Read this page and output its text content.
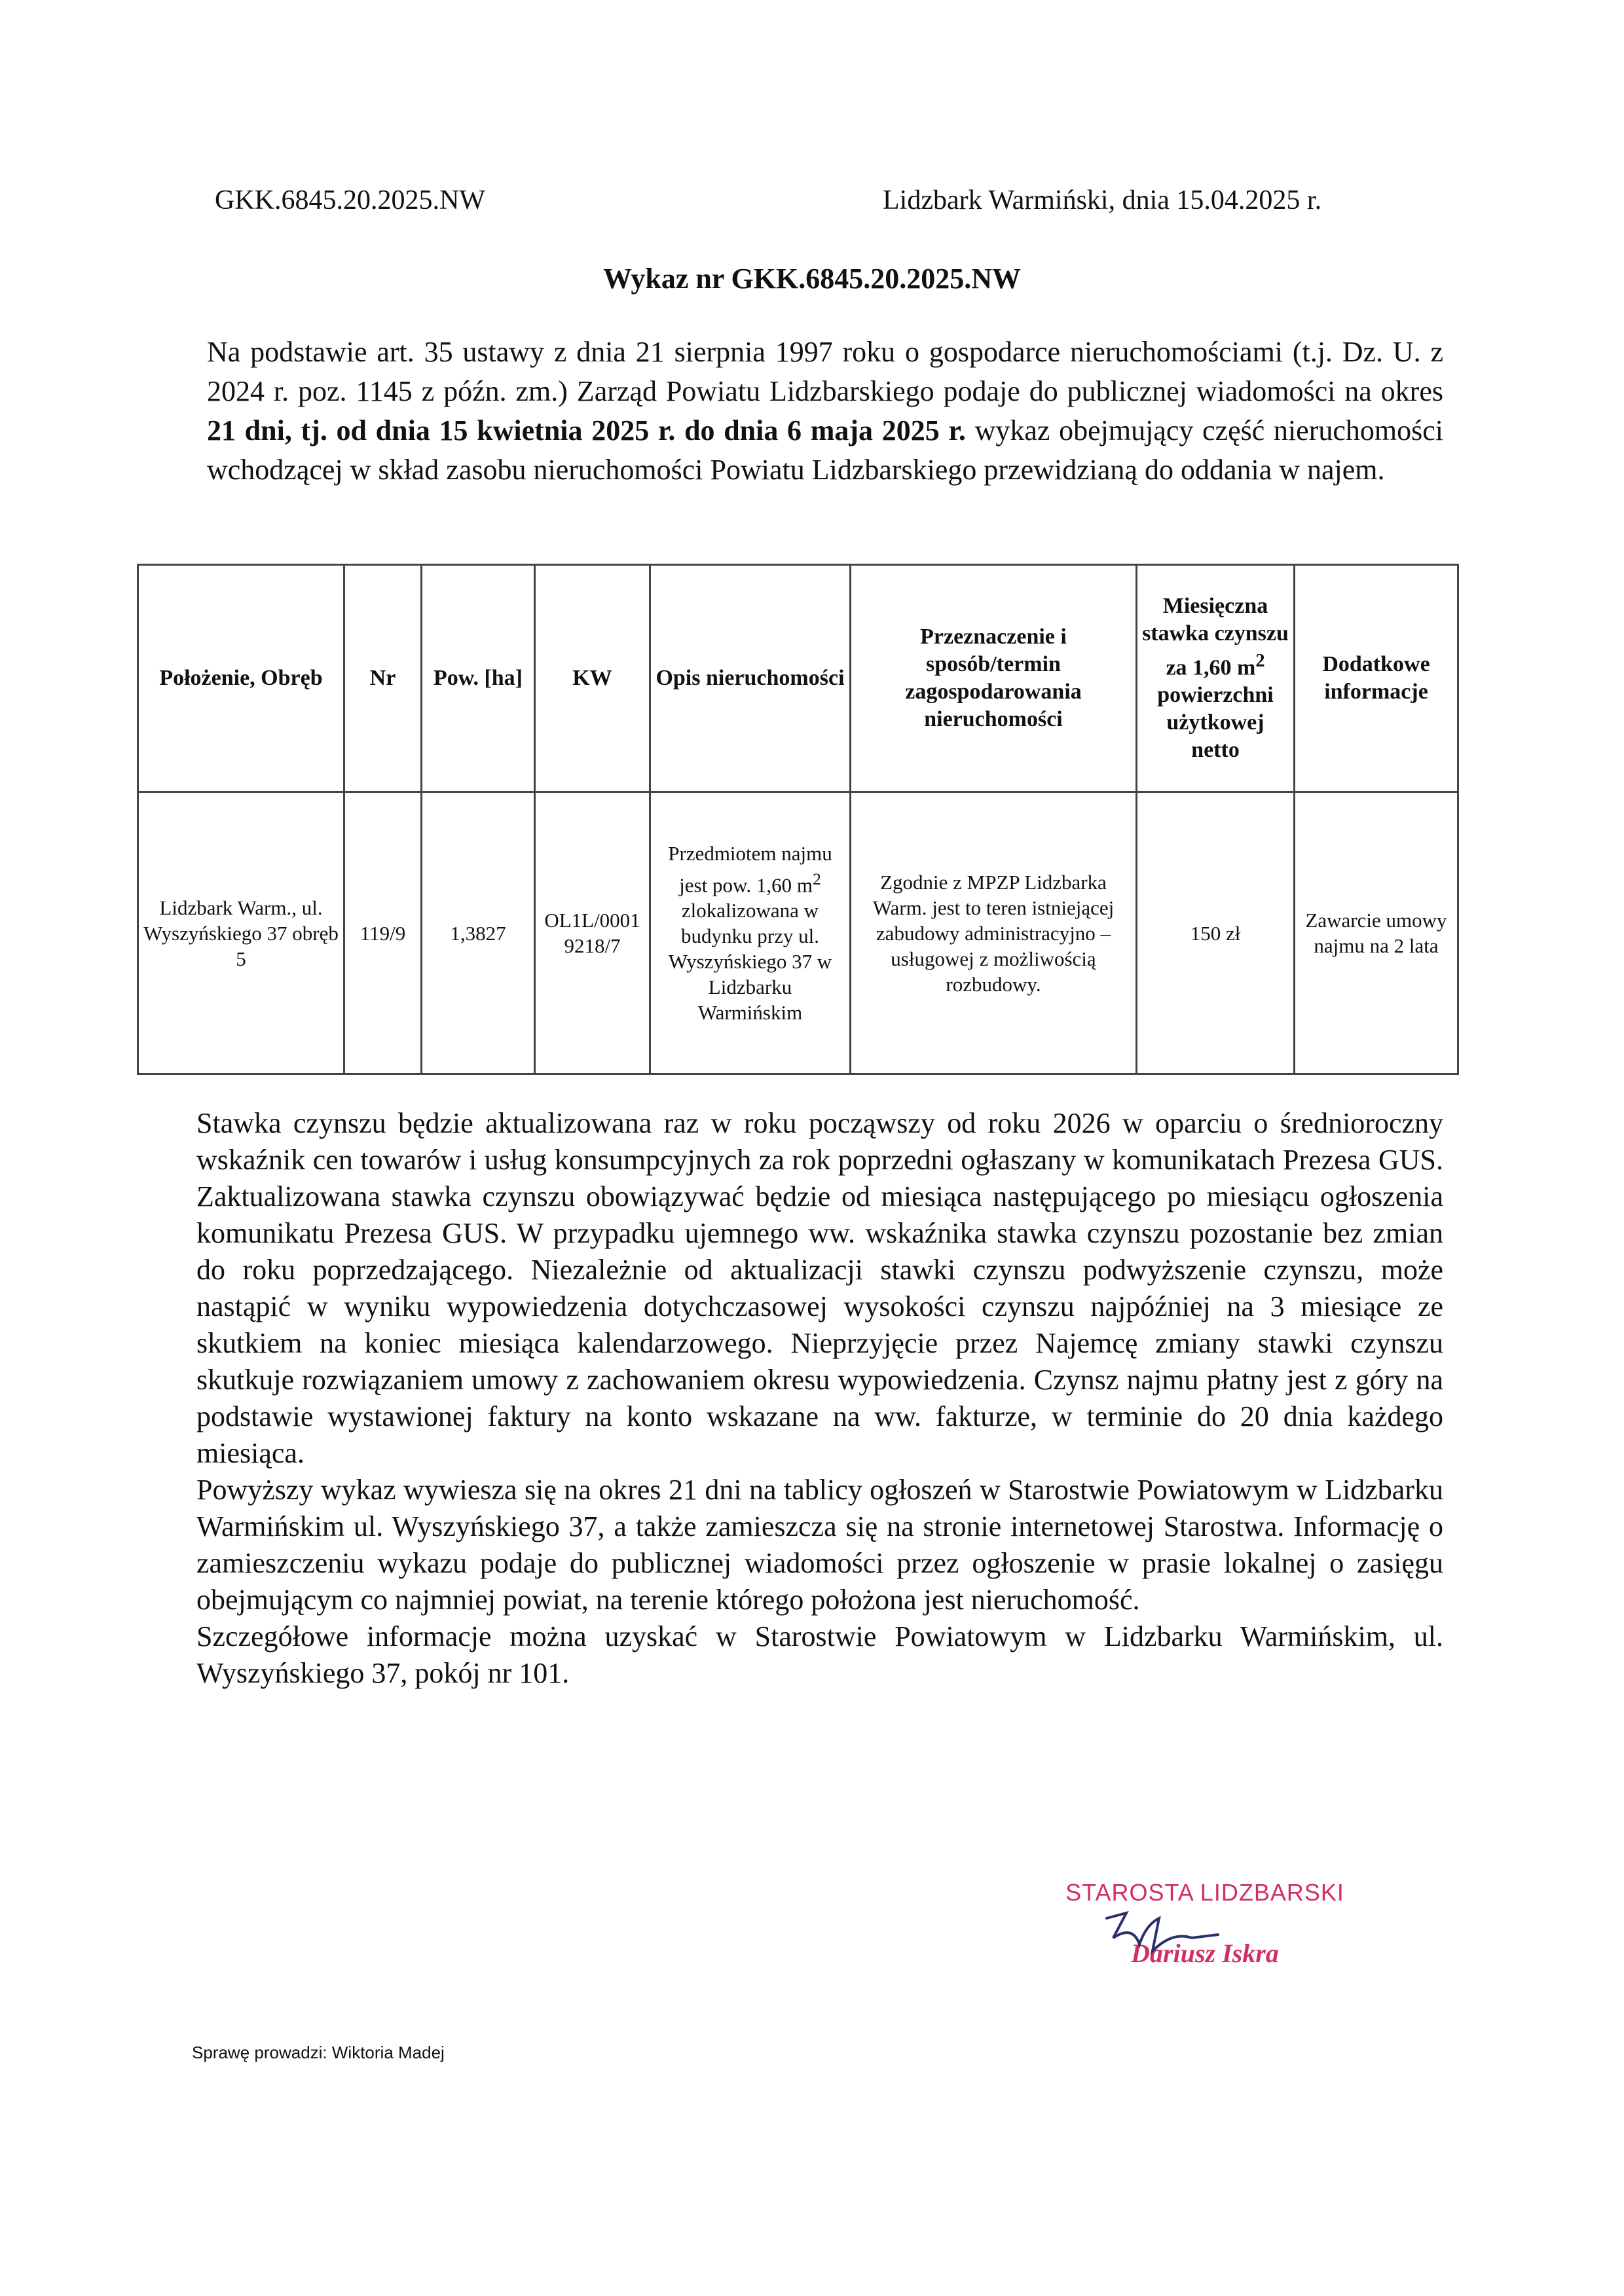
GKK.6845.20.2025.NW	Lidzbark Warmiński, dnia 15.04.2025 r.
Wykaz nr GKK.6845.20.2025.NW
Na podstawie art. 35 ustawy z dnia 21 sierpnia 1997 roku o gospodarce nieruchomościami (t.j. Dz. U. z 2024 r. poz. 1145 z późn. zm.) Zarząd Powiatu Lidzbarskiego podaje do publicznej wiadomości na okres 21 dni, tj. od dnia 15 kwietnia 2025 r. do dnia 6 maja 2025 r. wykaz obejmujący część nieruchomości wchodzącej w skład zasobu nieruchomości Powiatu Lidzbarskiego przewidzianą do oddania w najem.
Położenie, Obręb	Nr	Pow. [ha]	KW	Opis nieruchomości	Przeznaczenie i sposób/termin zagospodarowania nieruchomości	Miesięczna stawka czynszu za 1,60 $m^2$ powierzchni użytkowej netto	Dodatkowe informacje
Lidzbark Warm., ul. Wyszyńskiego 37 obręb 5	119/9	1,3827	OL1L/00019218/7	Przedmiotem najmu jest pow. 1,60 $m^2$ zlokalizowana w budynku przy ul. Wyszyńskiego 37 w Lidzbarku Warmińskim	Zgodnie z MPZP Lidzbarka Warm. jest to teren istniejącej zabudowy administracyjno – usługowej z możliwością rozbudowy.	150 zł	Zawarcie umowy najmu na 2 lata

Stawka czynszu będzie aktualizowana raz w roku począwszy od roku 2026 w oparciu o średnioroczny wskaźnik cen towarów i usług konsumpcyjnych za rok poprzedni ogłaszany w komunikatach Prezesa GUS. Zaktualizowana stawka czynszu obowiązywać będzie od miesiąca następującego po miesiącu ogłoszenia komunikatu Prezesa GUS. W przypadku ujemnego ww. wskaźnika stawka czynszu pozostanie bez zmian do roku poprzedzającego. Niezależnie od aktualizacji stawki czynszu podwyższenie czynszu, może nastąpić w wyniku wypowiedzenia dotychczasowej wysokości czynszu najpóźniej na 3 miesiące ze skutkiem na koniec miesiąca kalendarzowego. Nieprzyjęcie przez Najemcę zmiany stawki czynszu skutkuje rozwiązaniem umowy z zachowaniem okresu wypowiedzenia. Czynsz najmu płatny jest z góry na podstawie wystawionej faktury na konto wskazane na ww. fakturze, w terminie do 20 dnia każdego miesiąca.

Powyższy wykaz wywiesza się na okres 21 dni na tablicy ogłoszeń w Starostwie Powiatowym w Lidzbarku Warmińskim ul. Wyszyńskiego 37, a także zamieszcza się na stronie internetowej Starostwa. Informację o zamieszczeniu wykazu podaje do publicznej wiadomości przez ogłoszenie w prasie lokalnej o zasięgu obejmującym co najmniej powiat, na terenie którego położona jest nieruchomość.

Szczegółowe informacje można uzyskać w Starostwie Powiatowym w Lidzbarku Warmińskim, ul. Wyszyńskiego 37, pokój nr 101.

STAROSTA LIDZBARSKI
Dariusz Iskra
Sprawę prowadzi: Wiktoria Madej
